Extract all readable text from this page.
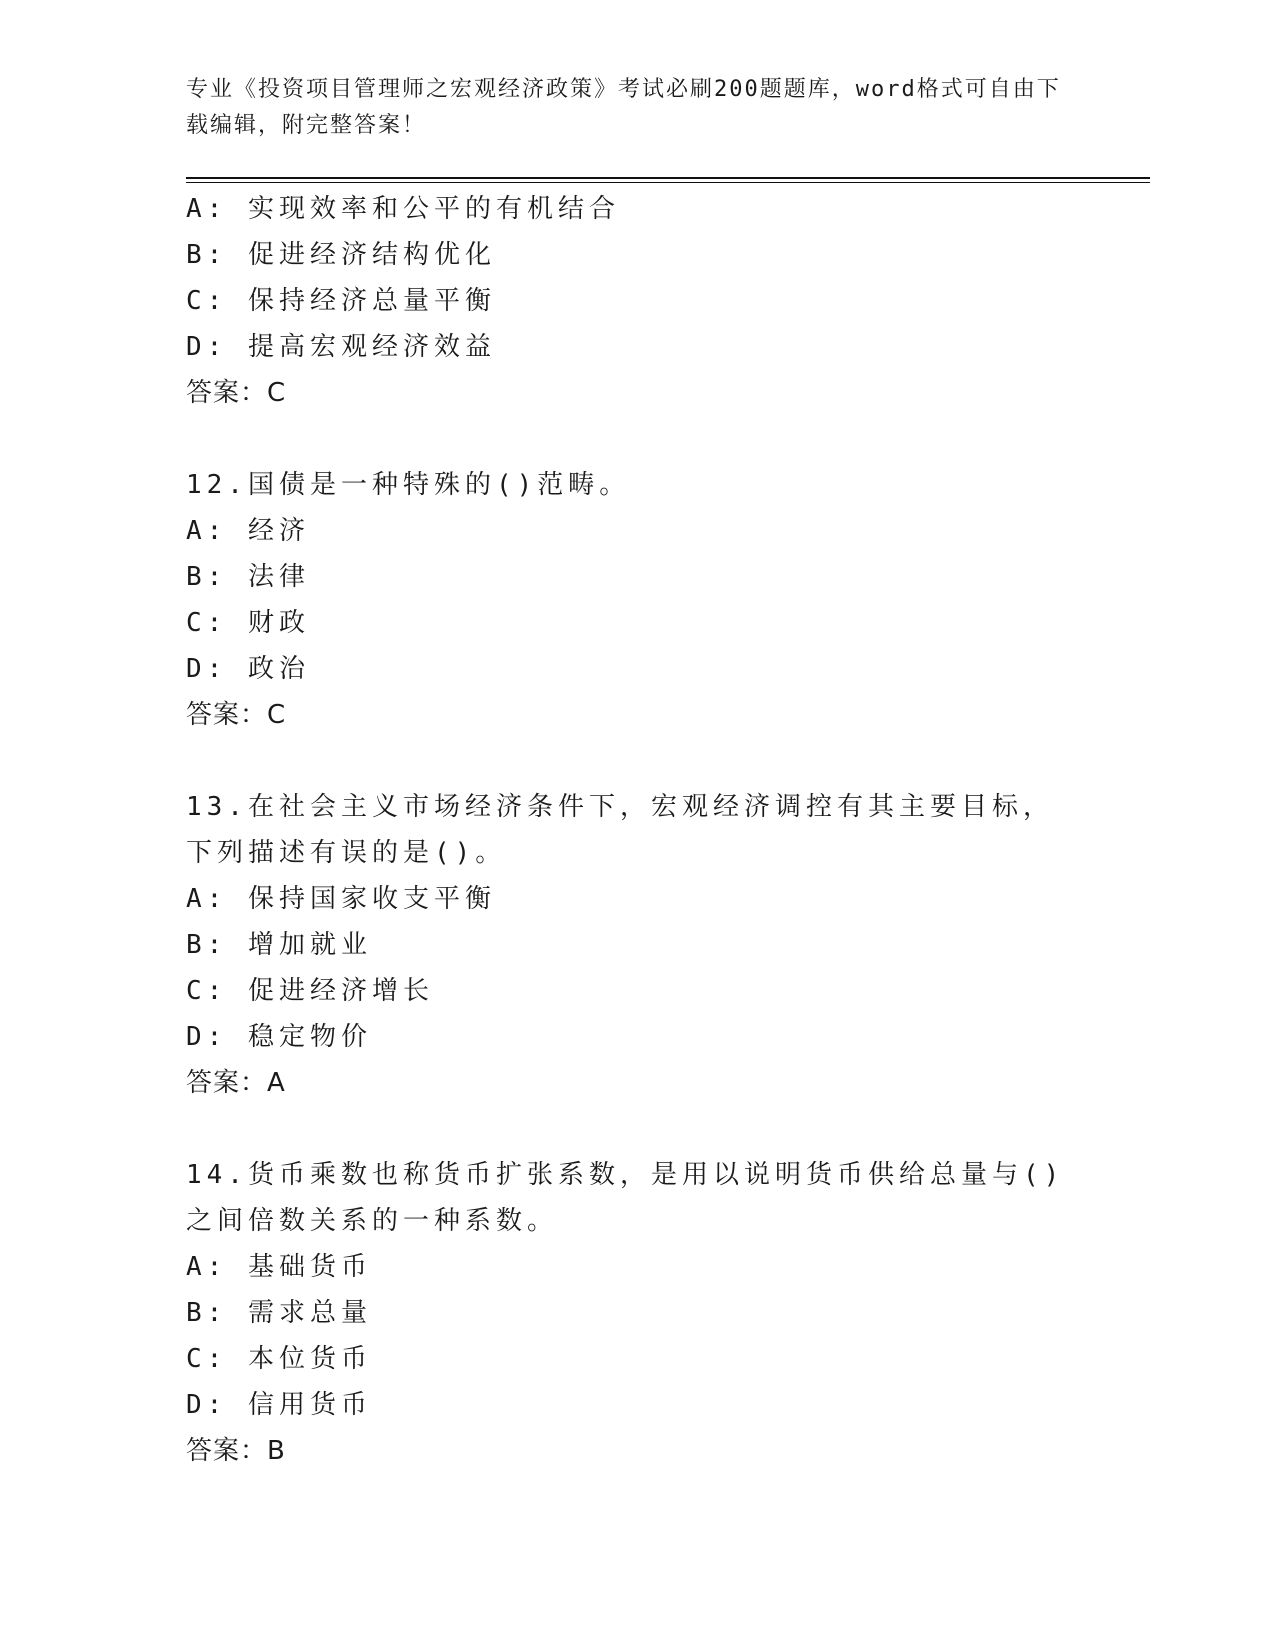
专业《投资项目管理师之宏观经济政策》考试必刷200题题库，word格式可自由下载编辑，附完整答案！
A: 实现效率和公平的有机结合
B: 促进经济结构优化
C: 保持经济总量平衡
D: 提高宏观经济效益
答案：C
12.国债是一种特殊的()范畴。
A: 经济
B: 法律
C: 财政
D: 政治
答案：C
13.在社会主义市场经济条件下，宏观经济调控有其主要目标，下列描述有误的是()。
A: 保持国家收支平衡
B: 增加就业
C: 促进经济增长
D: 稳定物价
答案：A
14.货币乘数也称货币扩张系数，是用以说明货币供给总量与()之间倍数关系的一种系数。
A: 基础货币
B: 需求总量
C: 本位货币
D: 信用货币
答案：B
